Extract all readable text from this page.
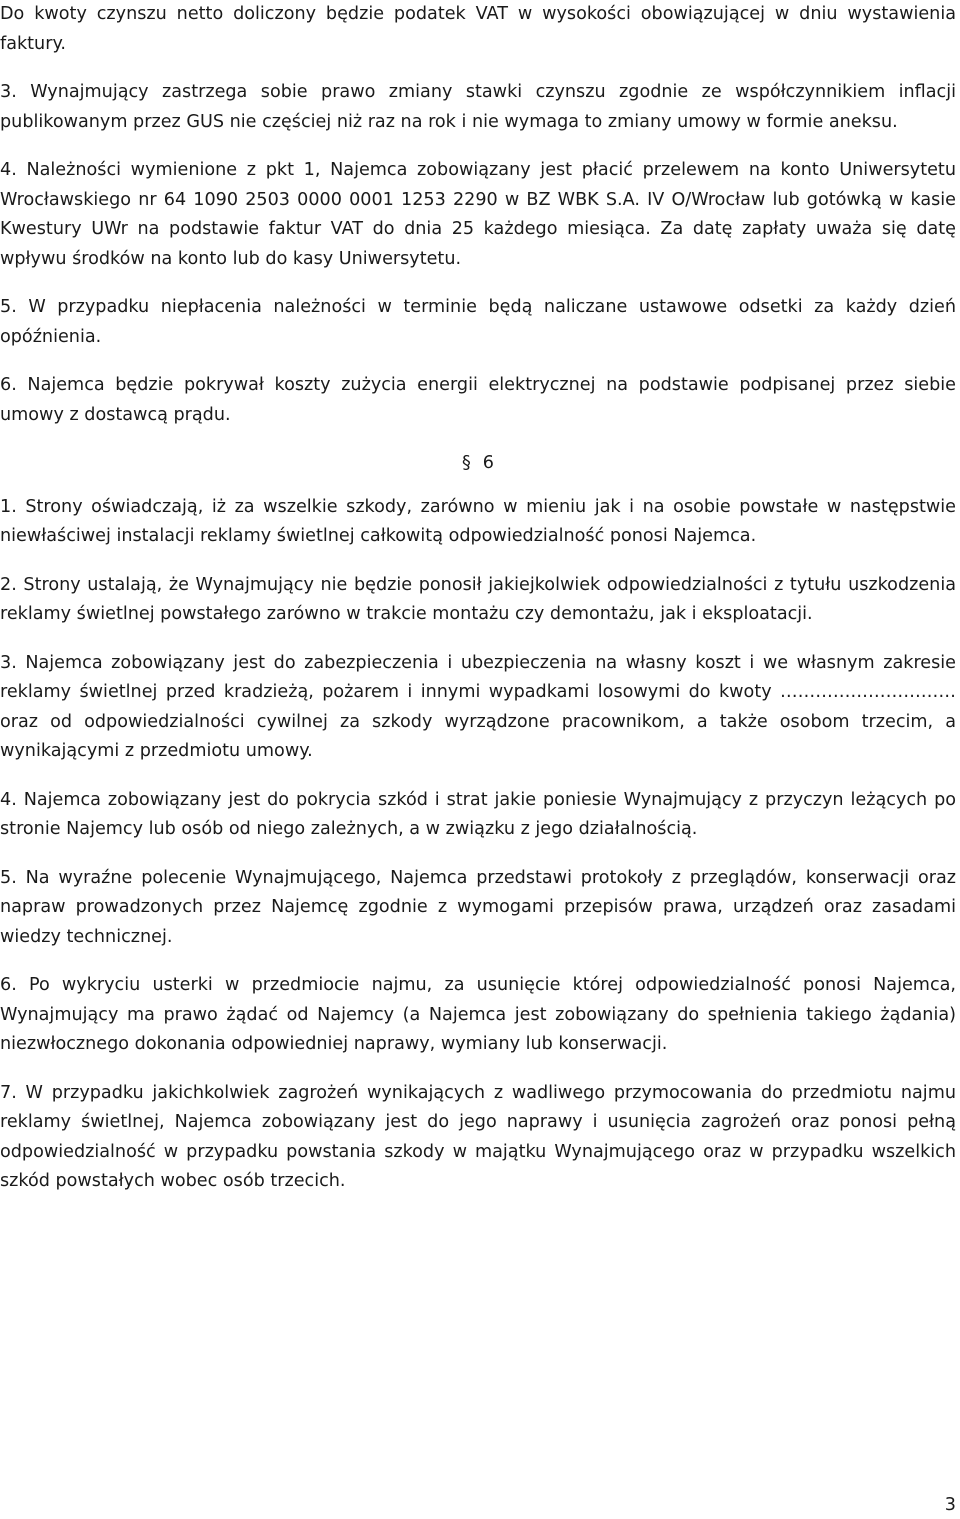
Do kwoty czynszu netto doliczony będzie podatek VAT w wysokości obowiązującej w dniu wystawienia faktury.

3. Wynajmujący zastrzega sobie prawo zmiany stawki czynszu zgodnie ze współczynnikiem inflacji publikowanym przez GUS nie częściej niż raz na rok i nie wymaga to zmiany umowy w formie aneksu.

4. Należności wymienione z pkt 1, Najemca zobowiązany jest płacić przelewem na konto Uniwersytetu Wrocławskiego nr 64 1090 2503 0000 0001 1253 2290 w BZ WBK S.A. IV O/Wrocław lub gotówką w kasie Kwestury UWr na podstawie faktur VAT do dnia 25 każdego miesiąca. Za datę zapłaty uważa się datę wpływu środków na konto lub do kasy Uniwersytetu.

5. W przypadku niepłacenia należności w terminie będą naliczane ustawowe odsetki za każdy dzień opóźnienia.

6. Najemca będzie pokrywał koszty zużycia energii elektrycznej na podstawie podpisanej przez siebie umowy z dostawcą prądu.

§ 6

1. Strony oświadczają, iż za wszelkie szkody, zarówno w mieniu jak i na osobie powstałe w następstwie niewłaściwej instalacji reklamy świetlnej całkowitą odpowiedzialność ponosi Najemca.

2. Strony ustalają, że Wynajmujący nie będzie ponosił jakiejkolwiek odpowiedzialności z tytułu uszkodzenia reklamy świetlnej powstałego zarówno w trakcie montażu czy demontażu, jak i eksploatacji.

3. Najemca zobowiązany jest do zabezpieczenia i ubezpieczenia na własny koszt i we własnym zakresie reklamy świetlnej przed kradzieżą, pożarem i innymi wypadkami losowymi do kwoty ………………………… oraz od odpowiedzialności cywilnej za szkody wyrządzone pracownikom, a także osobom trzecim, a wynikającymi z przedmiotu umowy.

4. Najemca zobowiązany jest do pokrycia szkód i strat jakie poniesie Wynajmujący z przyczyn leżących po stronie Najemcy lub osób od niego zależnych, a w związku z jego działalnością.

5. Na wyraźne polecenie Wynajmującego, Najemca przedstawi protokoły z przeglądów, konserwacji oraz napraw prowadzonych przez Najemcę zgodnie z wymogami przepisów prawa, urządzeń oraz zasadami wiedzy technicznej.

6. Po wykryciu usterki w przedmiocie najmu, za usunięcie której odpowiedzialność ponosi Najemca, Wynajmujący ma prawo żądać od Najemcy (a Najemca jest zobowiązany do spełnienia takiego żądania) niezwłocznego dokonania odpowiedniej naprawy, wymiany lub konserwacji.

7. W przypadku jakichkolwiek zagrożeń wynikających z wadliwego przymocowania do przedmiotu najmu reklamy świetlnej, Najemca zobowiązany jest do jego naprawy i usunięcia zagrożeń oraz ponosi pełną odpowiedzialność w przypadku powstania szkody w majątku Wynajmującego oraz w przypadku wszelkich szkód powstałych wobec osób trzecich.

3
